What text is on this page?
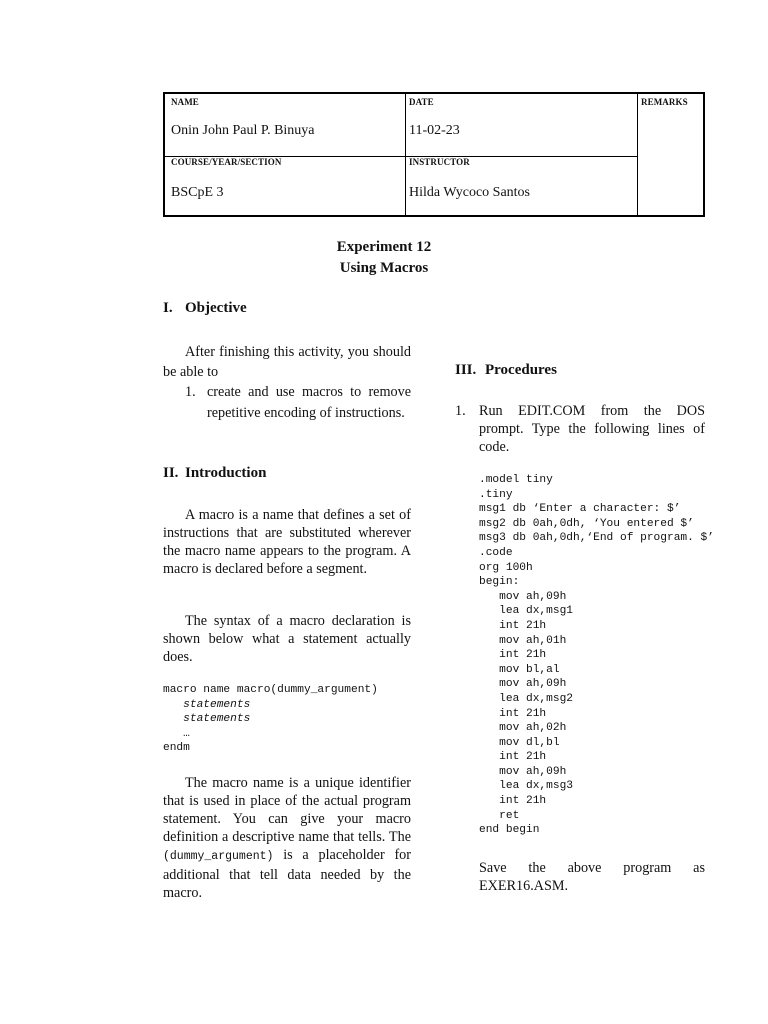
NAME
Onin John Paul P. Binuya
DATE
11-02-23
REMARKS
COURSE/YEAR/SECTION
BSCpE 3
INSTRUCTOR
Hilda Wycoco Santos
Experiment 12
Using Macros
I. Objective
After finishing this activity, you should be able to
1. create and use macros to remove repetitive encoding of instructions.
II. Introduction
A macro is a name that defines a set of instructions that are substituted wherever the macro name appears to the program. A macro is declared before a segment.
The syntax of a macro declaration is shown below what a statement actually does.
macro name macro(dummy_argument)
statements
statements
…
endm
The macro name is a unique identifier that is used in place of the actual program statement. You can give your macro definition a descriptive name that tells. The (dummy_argument) is a placeholder for additional that tell data needed by the macro.
III. Procedures
1. Run EDIT.COM from the DOS prompt. Type the following lines of code.
.model tiny
.tiny
msg1 db ‘Enter a character: $’
msg2 db 0ah,0dh, ‘You entered $’
msg3 db 0ah,0dh,‘End of program. $’
.code
org 100h
begin:
mov ah,09h
lea dx,msg1
int 21h
mov ah,01h
int 21h
mov bl,al
mov ah,09h
lea dx,msg2
int 21h
mov ah,02h
mov dl,bl
int 21h
mov ah,09h
lea dx,msg3
int 21h
ret
end begin
Save the above program as EXER16.ASM.
